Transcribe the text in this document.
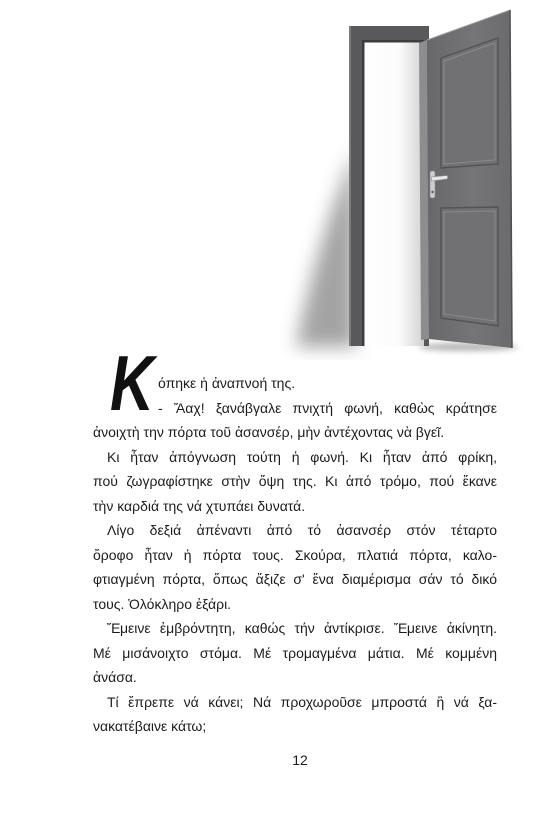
Κ όπηκε ἡ ἀναπνοή της.
- Ἄαχ! ξανάβγαλε πνιχτή φωνή, καθὼς κράτησε
ἀνοιχτὴ την πόρτα τοῦ ἀσανσέρ, μὴν ἀντέχοντας νὰ βγεῖ.
Κι ἦταν ἀπόγνωση τούτη ἡ φωνή. Κι ἦταν ἀπό φρίκη,
πού ζωγραφίστηκε στὴν ὄψη της. Κι ἀπό τρόμο, πού ἔκανε
τὴν καρδιά της νά χτυπάει δυνατά.
Λίγο δεξιά ἀπέναντι ἀπό τό ἀσανσέρ στόν τέταρτο
ὄροφο ἦταν ἡ πόρτα τους. Σκούρα, πλατιά πόρτα, καλο-
φτιαγμένη πόρτα, ὅπως ἄξιζε σ' ἕνα διαμέρισμα σάν τό δικό
τους. Ὁλόκληρο ἐξάρι.
Ἔμεινε ἐμβρόντητη, καθώς τήν ἀντίκρισε. Ἔμεινε ἀκίνητη.
Μέ μισάνοιχτο στόμα. Μέ τρομαγμένα μάτια. Μέ κομμένη
ἀνάσα.
Τί ἔπρεπε νά κάνει; Νά προχωροῦσε μπροστά ἢ νά ξα-
νακατέβαινε κάτω;
12
